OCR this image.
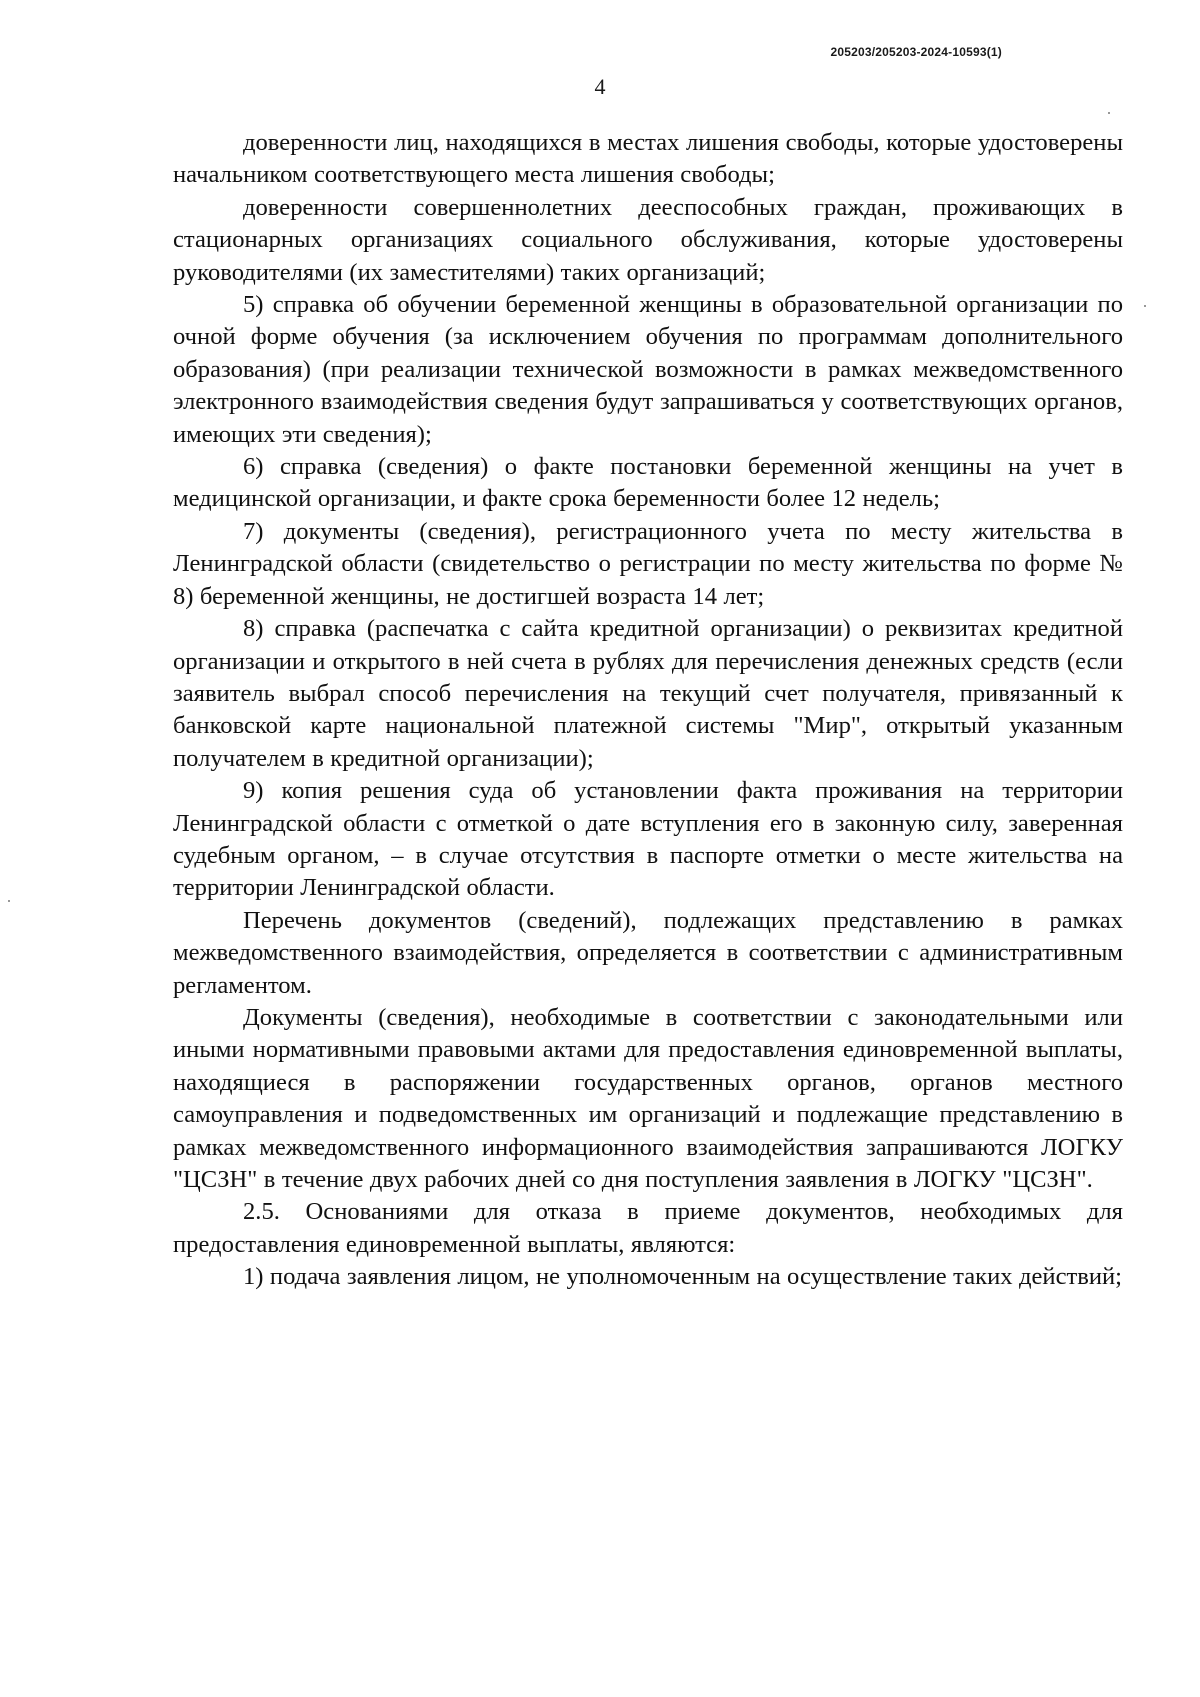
205203/205203-2024-10593(1)
4

доверенности лиц, находящихся в местах лишения свободы, которые удостоверены начальником соответствующего места лишения свободы;

доверенности совершеннолетних дееспособных граждан, проживающих в стационарных организациях социального обслуживания, которые удостоверены руководителями (их заместителями) таких организаций;

5) справка об обучении беременной женщины в образовательной организации по очной форме обучения (за исключением обучения по программам дополнительного образования) (при реализации технической возможности в рамках межведомственного электронного взаимодействия сведения будут запрашиваться у соответствующих органов, имеющих эти сведения);

6) справка (сведения) о факте постановки беременной женщины на учет в медицинской организации, и факте срока беременности более 12 недель;

7) документы (сведения), регистрационного учета по месту жительства в Ленинградской области (свидетельство о регистрации по месту жительства по форме № 8) беременной женщины, не достигшей возраста 14 лет;

8) справка (распечатка с сайта кредитной организации) о реквизитах кредитной организации и открытого в ней счета в рублях для перечисления денежных средств (если заявитель выбрал способ перечисления на текущий счет получателя, привязанный к банковской карте национальной платежной системы "Мир", открытый указанным получателем в кредитной организации);

9) копия решения суда об установлении факта проживания на территории Ленинградской области с отметкой о дате вступления его в законную силу, заверенная судебным органом, – в случае отсутствия в паспорте отметки о месте жительства на территории Ленинградской области.

Перечень документов (сведений), подлежащих представлению в рамках межведомственного взаимодействия, определяется в соответствии с административным регламентом.

Документы (сведения), необходимые в соответствии с законодательными или иными нормативными правовыми актами для предоставления единовременной выплаты, находящиеся в распоряжении государственных органов, органов местного самоуправления и подведомственных им организаций и подлежащие представлению в рамках межведомственного информационного взаимодействия запрашиваются ЛОГКУ "ЦСЗН" в течение двух рабочих дней со дня поступления заявления в ЛОГКУ "ЦСЗН".

2.5. Основаниями для отказа в приеме документов, необходимых для предоставления единовременной выплаты, являются:

1) подача заявления лицом, не уполномоченным на осуществление таких действий;
